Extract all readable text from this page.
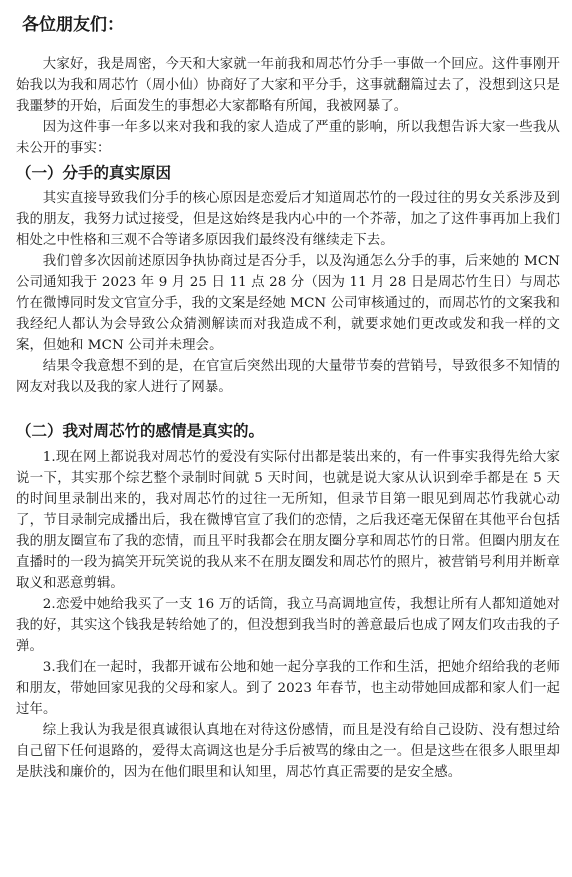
各位朋友们：

大家好，我是周密，今天和大家就一年前我和周芯竹分手一事做一个回应。这件事刚开始我以为我和周芯竹（周小仙）协商好了大家和平分手，这事就翻篇过去了，没想到这只是我噩梦的开始，后面发生的事想必大家都略有所闻，我被网暴了。

因为这件事一年多以来对我和我的家人造成了严重的影响，所以我想告诉大家一些我从未公开的事实：

（一）分手的真实原因

其实直接导致我们分手的核心原因是恋爱后才知道周芯竹的一段过往的男女关系涉及到我的朋友，我努力试过接受，但是这始终是我内心中的一个芥蒂，加之了这件事再加上我们相处之中性格和三观不合等诸多原因我们最终没有继续走下去。

我们曾多次因前述原因争执协商过是否分手，以及沟通怎么分手的事，后来她的 MCN 公司通知我于 2023 年 9 月 25 日 11 点 28 分（因为 11 月 28 日是周芯竹生日）与周芯竹在微博同时发文官宣分手，我的文案是经她 MCN 公司审核通过的，而周芯竹的文案我和我经纪人都认为会导致公众猜测解读而对我造成不利，就要求她们更改或发和我一样的文案，但她和 MCN 公司并未理会。

结果令我意想不到的是，在官宣后突然出现的大量带节奏的营销号，导致很多不知情的网友对我以及我的家人进行了网暴。

（二）我对周芯竹的感情是真实的。

1.现在网上都说我对周芯竹的爱没有实际付出都是装出来的，有一件事实我得先给大家说一下，其实那个综艺整个录制时间就 5 天时间，也就是说大家从认识到牵手都是在 5 天的时间里录制出来的，我对周芯竹的过往一无所知，但录节目第一眼见到周芯竹我就心动了，节目录制完成播出后，我在微博官宣了我们的恋情，之后我还毫无保留在其他平台包括我的朋友圈宣布了我的恋情，而且平时我都会在朋友圈分享和周芯竹的日常。但圈内朋友在直播时的一段为搞笑开玩笑说的我从来不在朋友圈发和周芯竹的照片，被营销号利用并断章取义和恶意剪辑。

2.恋爱中她给我买了一支 16 万的话筒，我立马高调地宣传，我想让所有人都知道她对我的好，其实这个钱我是转给她了的，但没想到我当时的善意最后也成了网友们攻击我的子弹。

3.我们在一起时，我都开诚布公地和她一起分享我的工作和生活，把她介绍给我的老师和朋友，带她回家见我的父母和家人。到了 2023 年春节，也主动带她回成都和家人们一起过年。

综上我认为我是很真诚很认真地在对待这份感情，而且是没有给自己设防、没有想过给自己留下任何退路的，爱得太高调这也是分手后被骂的缘由之一。但是这些在很多人眼里却是肤浅和廉价的，因为在他们眼里和认知里，周芯竹真正需要的是安全感。
